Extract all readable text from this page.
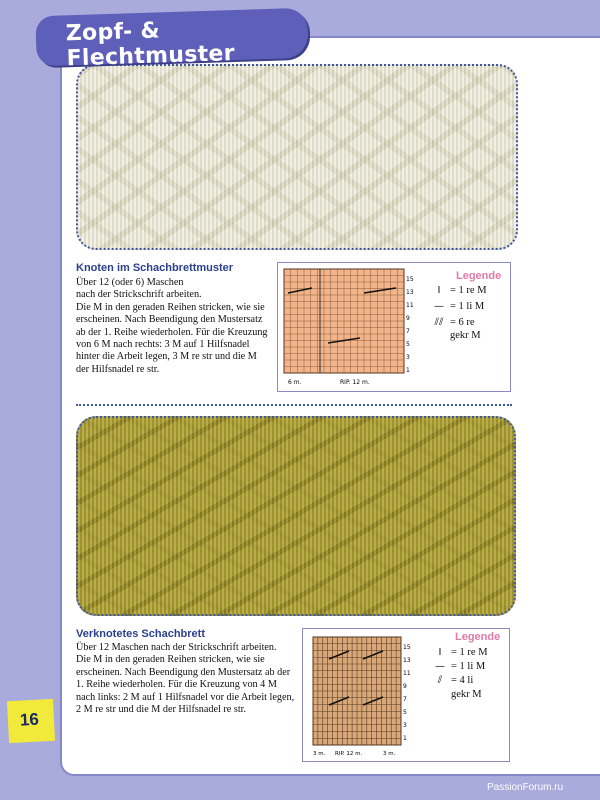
Zopf- & Flechtmuster

Knoten im Schachbrettmuster

Über 12 (oder 6) Maschen
nach der Strickschrift arbeiten.
Die M in den geraden Reihen stricken, wie sie
erscheinen. Nach Beendigung den Mustersatz
ab der 1. Reihe wiederholen. Für die Kreuzung
von 6 M nach rechts: 3 M auf 1 Hilfsnadel
hinter die Arbeit legen, 3 M re str und die M
der Hilfsnadel re str.
15
13
11
9
7
5
3
1
6 m.	RIP. 12 m.
Legende
Ι = 1 re M
— = 1 li M
⫽⫽ = 6 re
gekr M

Verknotetes Schachbrett

Über 12 Maschen nach der Strickschrift arbeiten.
Die M in den geraden Reihen stricken, wie sie
erscheinen. Nach Beendigung den Mustersatz ab der
1. Reihe wiederholen. Für die Kreuzung von 4 M
nach links: 2 M auf 1 Hilfsnadel vor die Arbeit legen,
2 M re str und die M der Hilfsnadel re str.
15
13
11
9
7
5
3
1
3 m. RIP. 12 m.	3 m.
Legende
Ι = 1 re M
— = 1 li M
⫽ = 4 li
gekr M
16
PassionForum.ru
